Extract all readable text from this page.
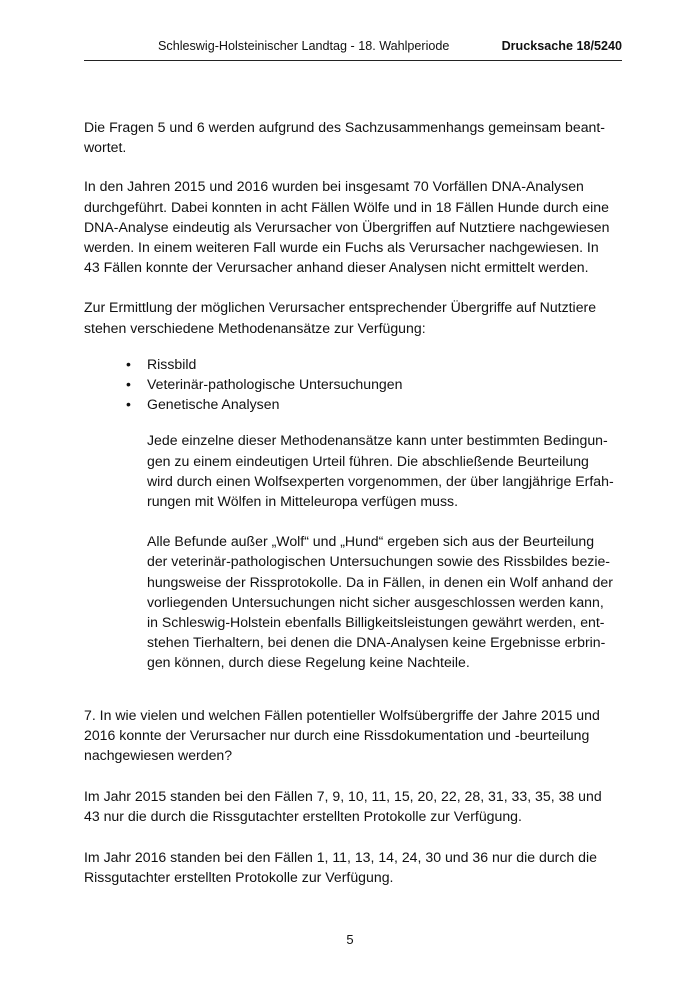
Schleswig-Holsteinischer Landtag - 18. Wahlperiode	Drucksache 18/5240

Die Fragen 5 und 6 werden aufgrund des Sachzusammenhangs gemeinsam beant-
wortet.

In den Jahren 2015 und 2016 wurden bei insgesamt 70 Vorfällen DNA-Analysen
durchgeführt. Dabei konnten in acht Fällen Wölfe und in 18 Fällen Hunde durch eine
DNA-Analyse eindeutig als Verursacher von Übergriffen auf Nutztiere nachgewiesen
werden. In einem weiteren Fall wurde ein Fuchs als Verursacher nachgewiesen. In
43 Fällen konnte der Verursacher anhand dieser Analysen nicht ermittelt werden.

Zur Ermittlung der möglichen Verursacher entsprechender Übergriffe auf Nutztiere
stehen verschiedene Methodenansätze zur Verfügung:

• Rissbild
• Veterinär-pathologische Untersuchungen
• Genetische Analysen

Jede einzelne dieser Methodenansätze kann unter bestimmten Bedingun-
gen zu einem eindeutigen Urteil führen. Die abschließende Beurteilung
wird durch einen Wolfsexperten vorgenommen, der über langjährige Erfah-
rungen mit Wölfen in Mitteleuropa verfügen muss.

Alle Befunde außer „Wolf“ und „Hund“ ergeben sich aus der Beurteilung
der veterinär-pathologischen Untersuchungen sowie des Rissbildes bezie-
hungsweise der Rissprotokolle. Da in Fällen, in denen ein Wolf anhand der
vorliegenden Untersuchungen nicht sicher ausgeschlossen werden kann,
in Schleswig-Holstein ebenfalls Billigkeitsleistungen gewährt werden, ent-
stehen Tierhaltern, bei denen die DNA-Analysen keine Ergebnisse erbrin-
gen können, durch diese Regelung keine Nachteile.

7. In wie vielen und welchen Fällen potentieller Wolfsübergriffe der Jahre 2015 und
2016 konnte der Verursacher nur durch eine Rissdokumentation und -beurteilung
nachgewiesen werden?

Im Jahr 2015 standen bei den Fällen 7, 9, 10, 11, 15, 20, 22, 28, 31, 33, 35, 38 und
43 nur die durch die Rissgutachter erstellten Protokolle zur Verfügung.

Im Jahr 2016 standen bei den Fällen 1, 11, 13, 14, 24, 30 und 36 nur die durch die
Rissgutachter erstellten Protokolle zur Verfügung.

5
